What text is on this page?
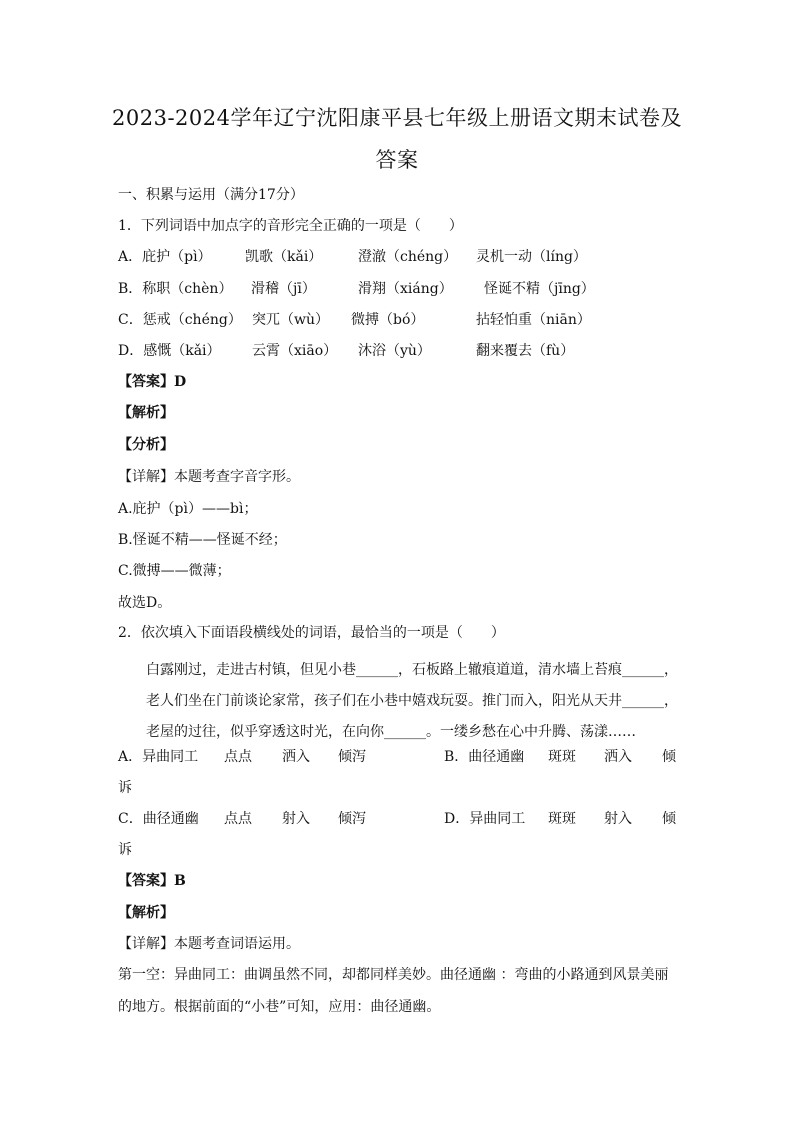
2023-2024学年辽宁沈阳康平县七年级上册语文期末试卷及
答案
一、积累与运用（满分17分）
1．下列词语中加点字的音形完全正确的一项是（　　）
A．庇护（pì） 凯歌（kǎi）	澄澈（chéng） 灵机一动（líng）
B．称职（chèn） 滑稽（jī）	滑翔（xiáng） 怪诞不精（jīng）
C．惩戒（chéng） 突兀（wù） 微搏（bó）	拈轻怕重（niān）
D．感慨（kǎi） 云霄（xiāo） 沐浴（yù）	翻来覆去（fù）
【答案】D
【解析】
【分析】
【详解】本题考查字音字形。
A.庇护（pì）——bì；
B.怪诞不精——怪诞不经；
C.微搏——微薄；
故选D。
2．依次填入下面语段横线处的词语，最恰当的一项是（　　）
白露刚过，走进古村镇，但见小巷______，石板路上辙痕道道，清水墙上苔痕______，老人们坐在门前谈论家常，孩子们在小巷中嬉戏玩耍。推门而入，阳光从天井______，老屋的过往，似乎穿透这时光，在向你______。一缕乡愁在心中升腾、荡漾……
A．异曲同工 点点 洒入 倾泻	B．曲径通幽 斑斑 洒入 倾
诉
C．曲径通幽 点点 射入 倾泻	D．异曲同工 斑斑 射入 倾
诉
【答案】B
【解析】
【详解】本题考查词语运用。
第一空：异曲同工：曲调虽然不同，却都同样美妙。曲径通幽 ：弯曲的小路通到风景美丽
的地方。根据前面的“小巷”可知，应用：曲径通幽。
